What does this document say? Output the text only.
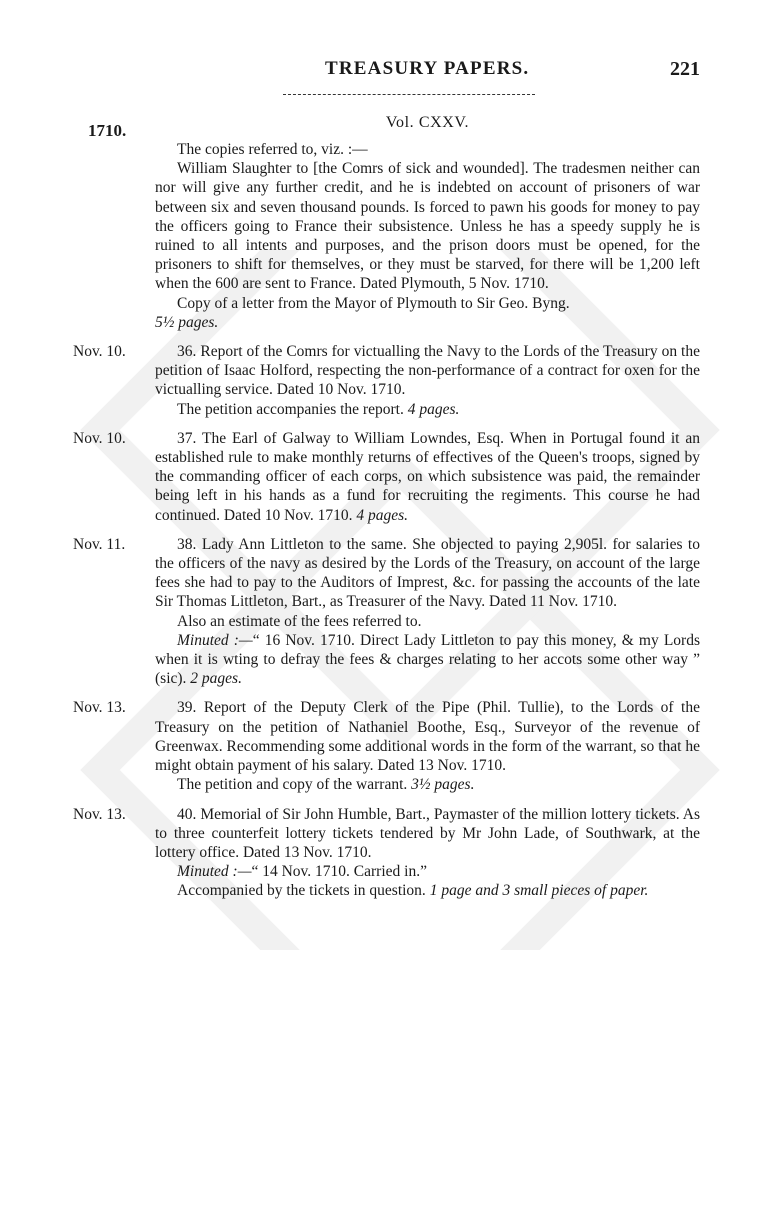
TREASURY PAPERS.	221
1710.	Vol. CXXV.

The copies referred to, viz. :—

William Slaughter to [the Comrs of sick and wounded]. The tradesmen neither can nor will give any further credit, and he is indebted on account of prisoners of war between six and seven thousand pounds. Is forced to pawn his goods for money to pay the officers going to France their subsistence. Unless he has a speedy supply he is ruined to all intents and purposes, and the prison doors must be opened, for the prisoners to shift for themselves, or they must be starved, for there will be 1,200 left when the 600 are sent to France. Dated Plymouth, 5 Nov. 1710.

Copy of a letter from the Mayor of Plymouth to Sir Geo. Byng.
5½ pages.

Nov. 10.	36. Report of the Comrs for victualling the Navy to the Lords of the Treasury on the petition of Isaac Holford, respecting the non-performance of a contract for oxen for the victualling service. Dated 10 Nov. 1710.

The petition accompanies the report. 4 pages.

Nov. 10.	37. The Earl of Galway to William Lowndes, Esq. When in Portugal found it an established rule to make monthly returns of effectives of the Queen's troops, signed by the commanding officer of each corps, on which subsistence was paid, the remainder being left in his hands as a fund for recruiting the regiments. This course he had continued. Dated 10 Nov. 1710. 4 pages.

Nov. 11.	38. Lady Ann Littleton to the same. She objected to paying 2,905l. for salaries to the officers of the navy as desired by the Lords of the Treasury, on account of the large fees she had to pay to the Auditors of Imprest, &c. for passing the accounts of the late Sir Thomas Littleton, Bart., as Treasurer of the Navy. Dated 11 Nov. 1710.

Also an estimate of the fees referred to.

Minuted :—“ 16 Nov. 1710. Direct Lady Littleton to pay this money, & my Lords when it is wting to defray the fees & charges relating to her accots some other way ” (sic). 2 pages.

Nov. 13.	39. Report of the Deputy Clerk of the Pipe (Phil. Tullie), to the Lords of the Treasury on the petition of Nathaniel Boothe, Esq., Surveyor of the revenue of Greenwax. Recommending some additional words in the form of the warrant, so that he might obtain payment of his salary. Dated 13 Nov. 1710.

The petition and copy of the warrant. 3½ pages.

Nov. 13.	40. Memorial of Sir John Humble, Bart., Paymaster of the million lottery tickets. As to three counterfeit lottery tickets tendered by Mr John Lade, of Southwark, at the lottery office. Dated 13 Nov. 1710.

Minuted :—“ 14 Nov. 1710. Carried in.”

Accompanied by the tickets in question. 1 page and 3 small pieces of paper.
